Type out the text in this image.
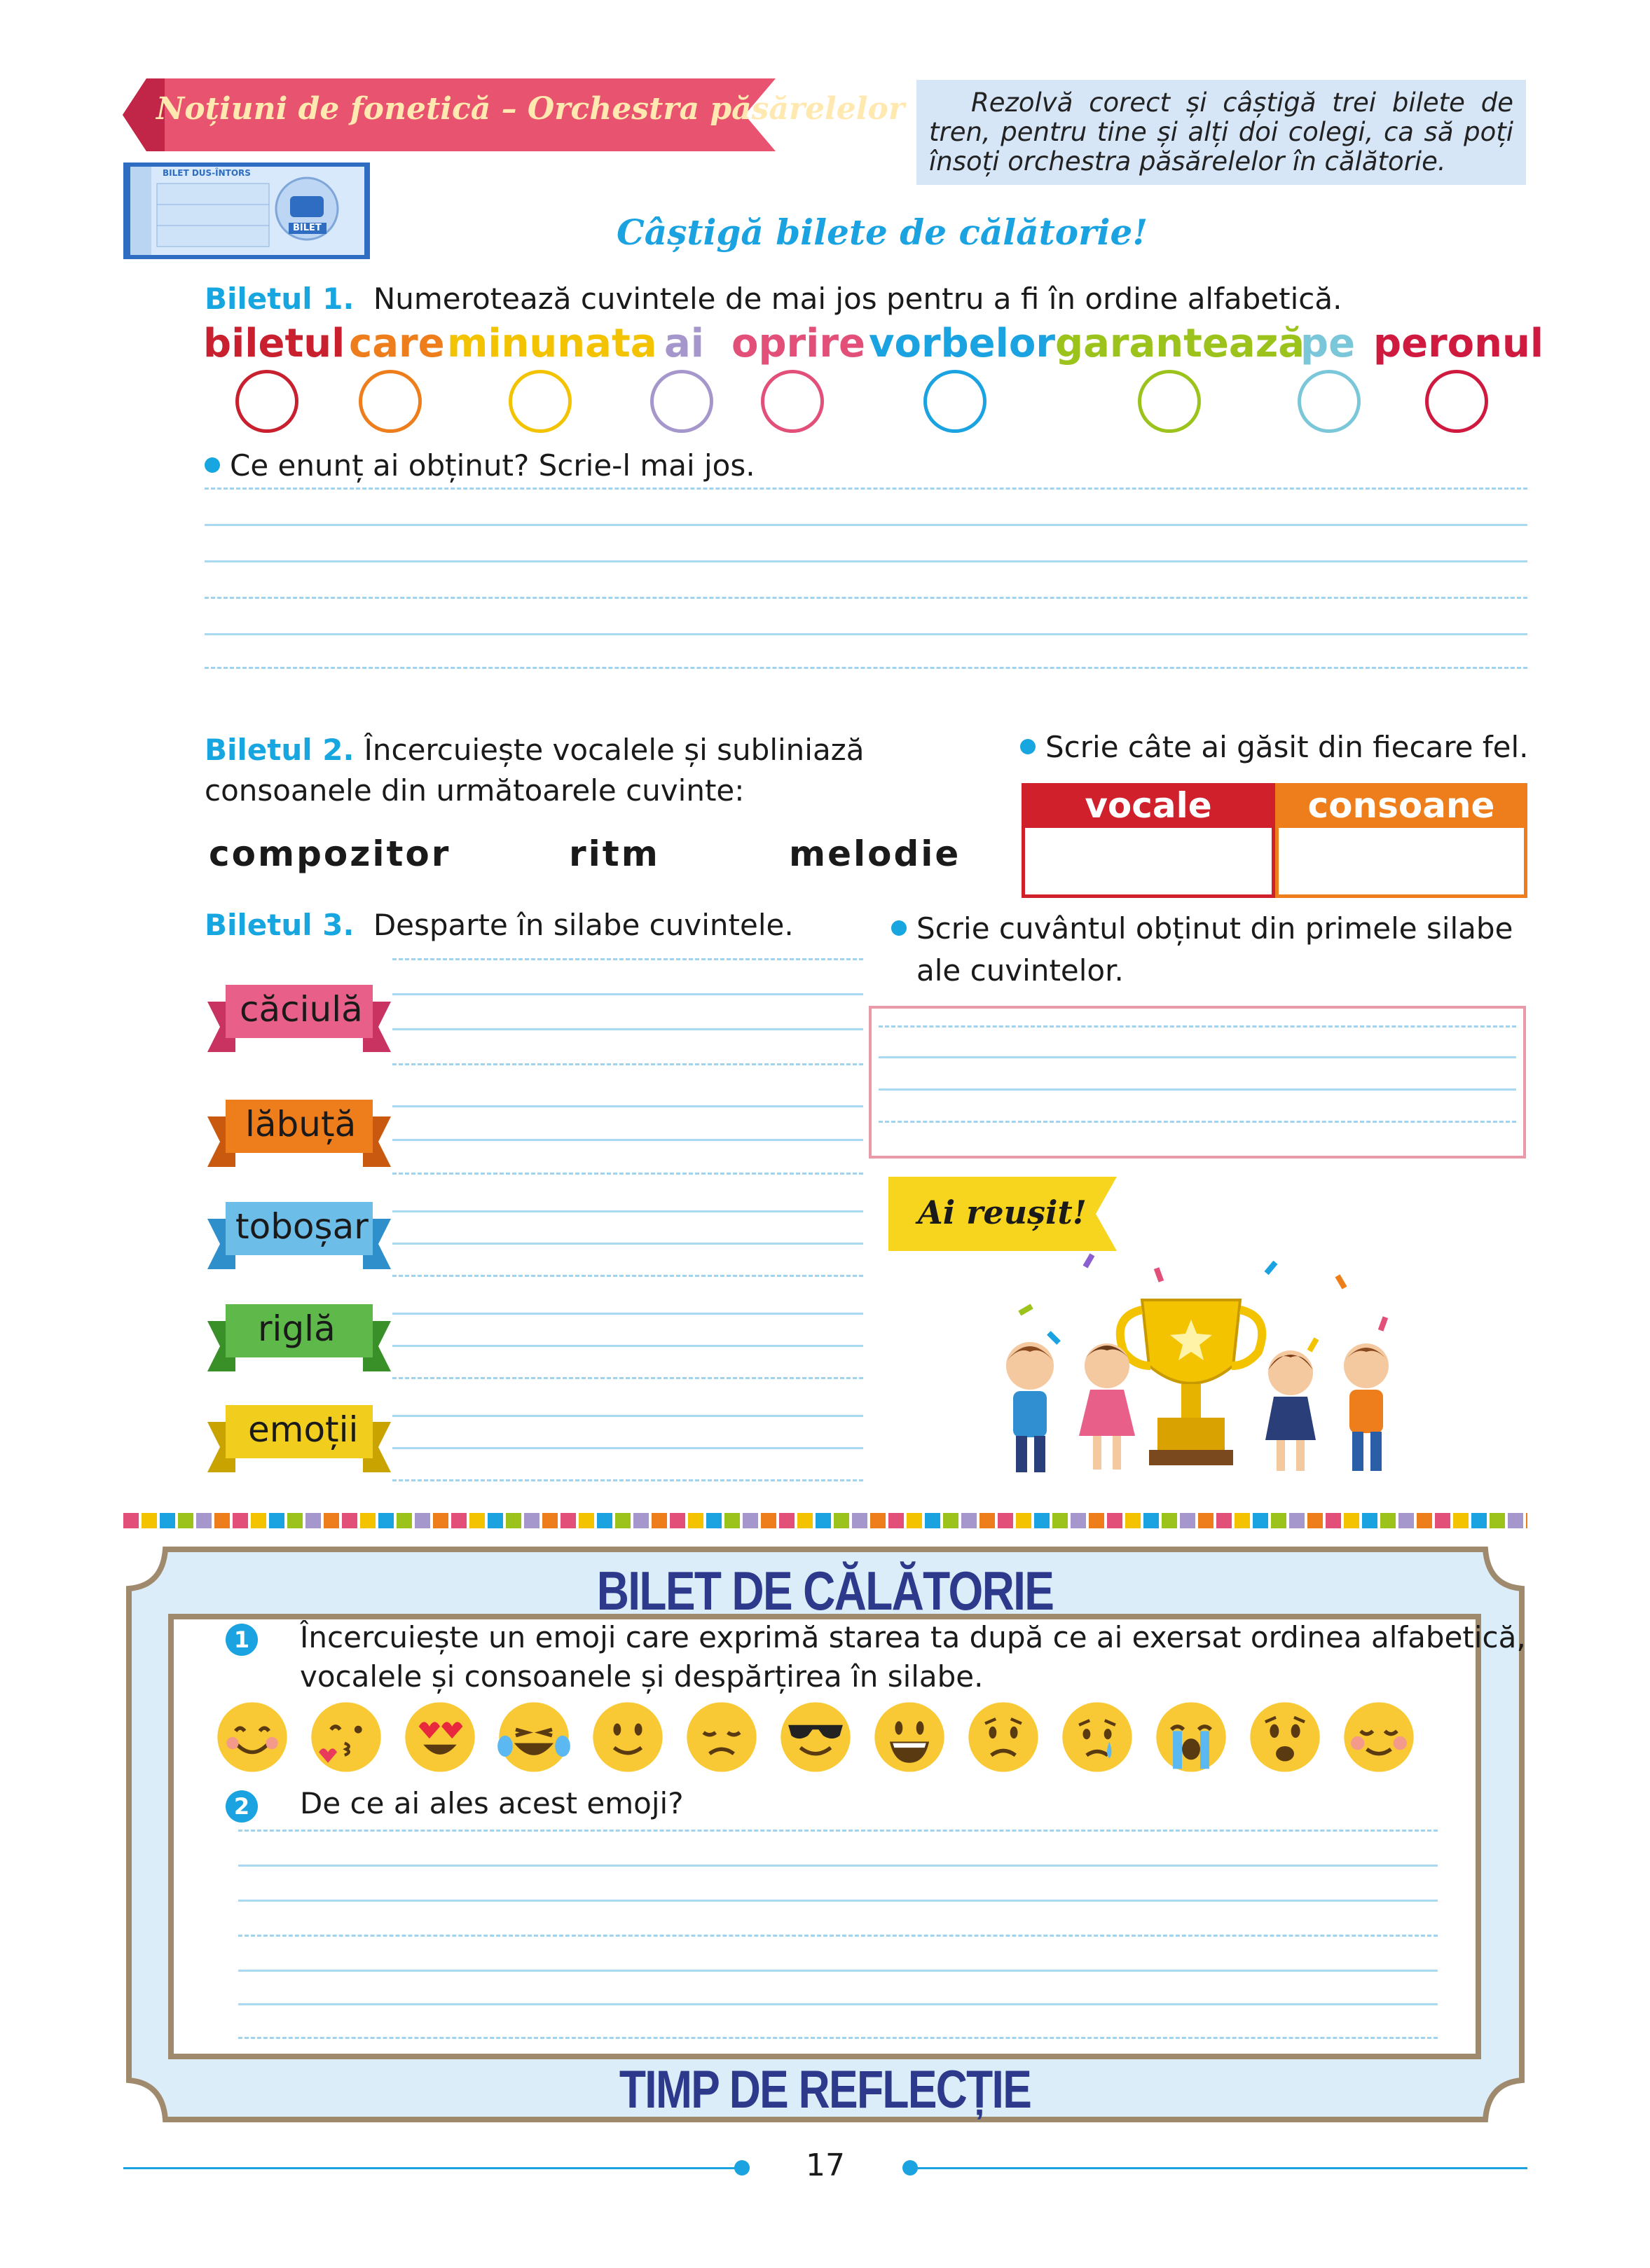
Noțiuni de fonetică – Orchestra păsărelelor
BILET DUS-ÎNTORS
BILET
Rezolvă corect și câștigă trei bilete de tren, pentru tine și alți doi colegi, ca să poți însoți orchestra păsărelelor în călătorie.
Câștigă bilete de călătorie!
Biletul 1. Numerotează cuvintele de mai jos pentru a fi în ordine alfabetică.
biletul care minunata ai oprire vorbelor garantează
pe peronul
Ce enunț ai obținut? Scrie-l mai jos.
Biletul 2. Încercuiește vocalele și subliniază
consoanele din următoarele cuvinte:
compozitor	ritm	melodie
Scrie câte ai găsit din fiecare fel.
vocale	consoane
Biletul 3. Desparte în silabe cuvintele.
căciulă
lăbuță
toboșar
riglă
emoții
Scrie cuvântul obținut din primele silabe
ale cuvintelor.
Ai reușit!
BILET DE CĂLĂTORIE
1 Încercuiește un emoji care exprimă starea ta după ce ai exersat ordinea alfabetică,
vocalele și consoanele și despărțirea în silabe.
2 De ce ai ales acest emoji?
TIMP DE REFLECȚIE
17
